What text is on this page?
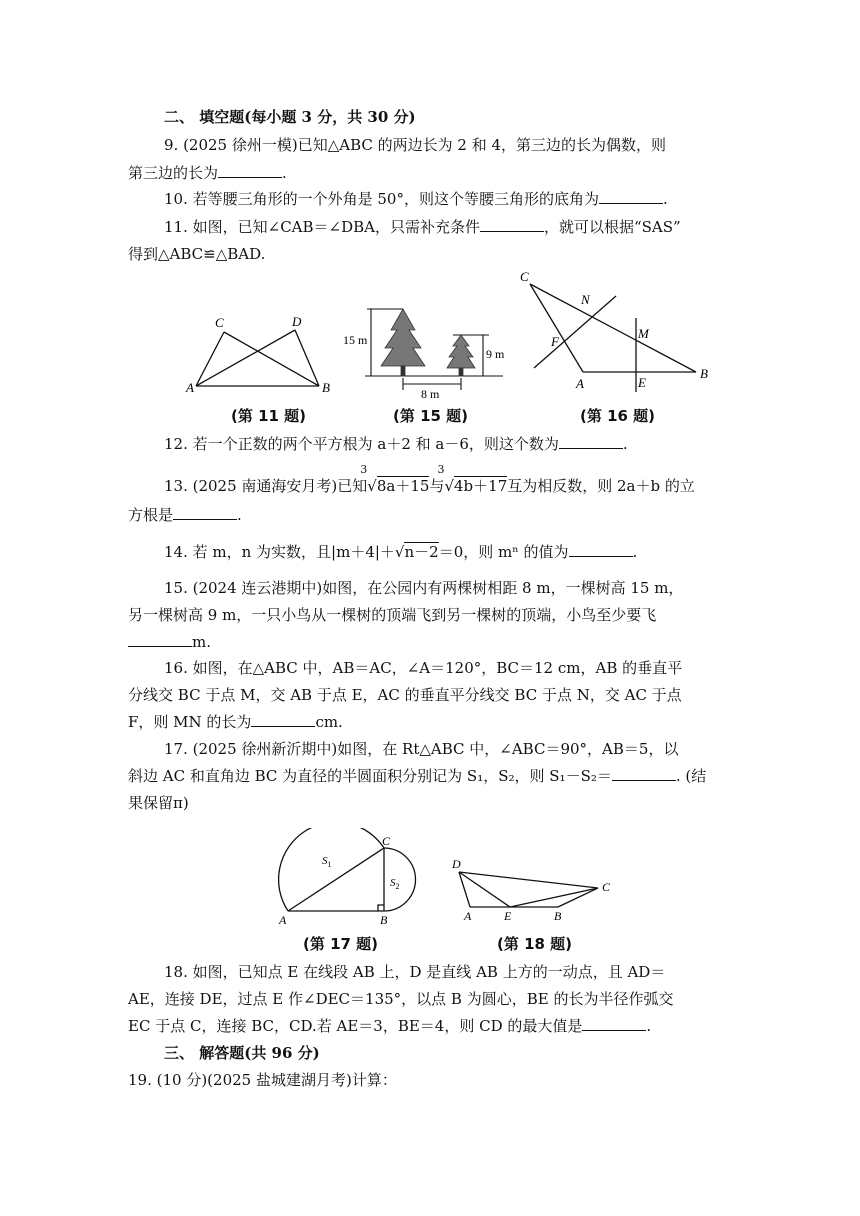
二、 填空题(每小题 3 分，共 30 分)
9. (2025 徐州一模)已知△ABC 的两边长为 2 和 4，第三边的长为偶数，则
第三边的长为	.
10. 若等腰三角形的一个外角是 50°，则这个等腰三角形的底角为	.
11. 如图，已知∠CAB＝∠DBA，只需补充条件	，就可以根据“SAS”
得到△ABC≌△BAD.
A	B
C	D
(第 11 题)
15 m
9 m
8 m
(第 15 题)
C
A
B
E
F
M
N
(第 16 题)
12. 若一个正数的两个平方根为 a＋2 和 a－6，则这个数为	.
13. (2025 南通海安月考)已知
3
√8a＋15与
3
√4b＋17互为相反数，则 2a＋b 的立
方根是	.
14. 若 m，n 为实数，且|m＋4|＋√n－2＝0，则 mⁿ 的值为	.
15. (2024 连云港期中)如图，在公园内有两棵树相距 8 m，一棵树高 15 m，
另一棵树高 9 m，一只小鸟从一棵树的顶端飞到另一棵树的顶端，小鸟至少要飞
m.
16. 如图，在△ABC 中，AB＝AC，∠A＝120°，BC＝12 cm，AB 的垂直平
分线交 BC 于点 M，交 AB 于点 E，AC 的垂直平分线交 BC 于点 N，交 AC 于点
F，则 MN 的长为	cm.
17. (2025 徐州新沂期中)如图，在 Rt△ABC 中，∠ABC＝90°，AB＝5，以
斜边 AC 和直角边 BC 为直径的半圆面积分别记为 S₁，S₂，则 S₁－S₂＝	. (结
果保留π)
A	B
C
$S_1$
$S_2$
(第 17 题)
D
A	E	B
C
(第 18 题)
18. 如图，已知点 E 在线段 AB 上，D 是直线 AB 上方的一动点，且 AD＝
AE，连接 DE，过点 E 作∠DEC＝135°，以点 B 为圆心，BE 的长为半径作弧交
EC 于点 C，连接 BC，CD.若 AE＝3，BE＝4，则 CD 的最大值是	.
三、 解答题(共 96 分)
19. (10 分)(2025 盐城建湖月考)计算：
